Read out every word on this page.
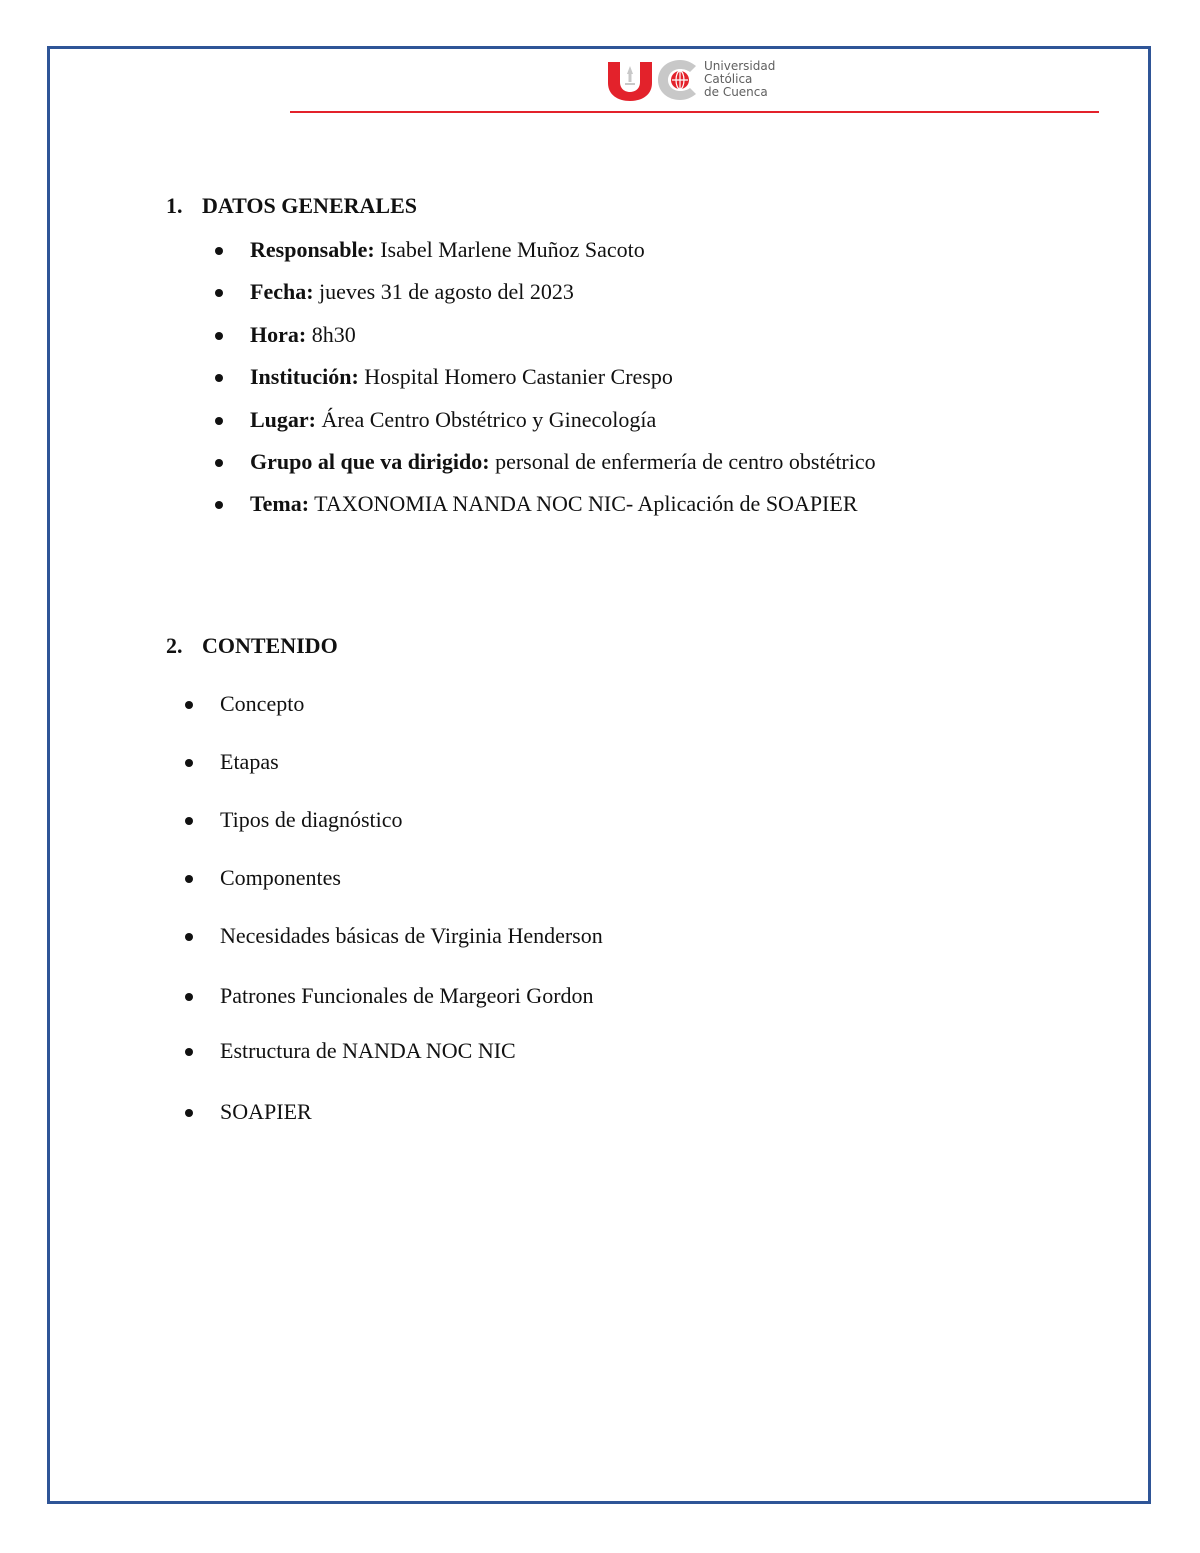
Universidad
Católica
de Cuenca
1. DATOS GENERALES
Responsable: Isabel Marlene Muñoz Sacoto
Fecha: jueves 31 de agosto del 2023
Hora: 8h30
Institución: Hospital Homero Castanier Crespo
Lugar: Área Centro Obstétrico y Ginecología
Grupo al que va dirigido: personal de enfermería de centro obstétrico
Tema: TAXONOMIA NANDA NOC NIC- Aplicación de SOAPIER
2. CONTENIDO
Concepto
Etapas
Tipos de diagnóstico
Componentes
Necesidades básicas de Virginia Henderson
Patrones Funcionales de Margeori Gordon
Estructura de NANDA NOC NIC
SOAPIER
